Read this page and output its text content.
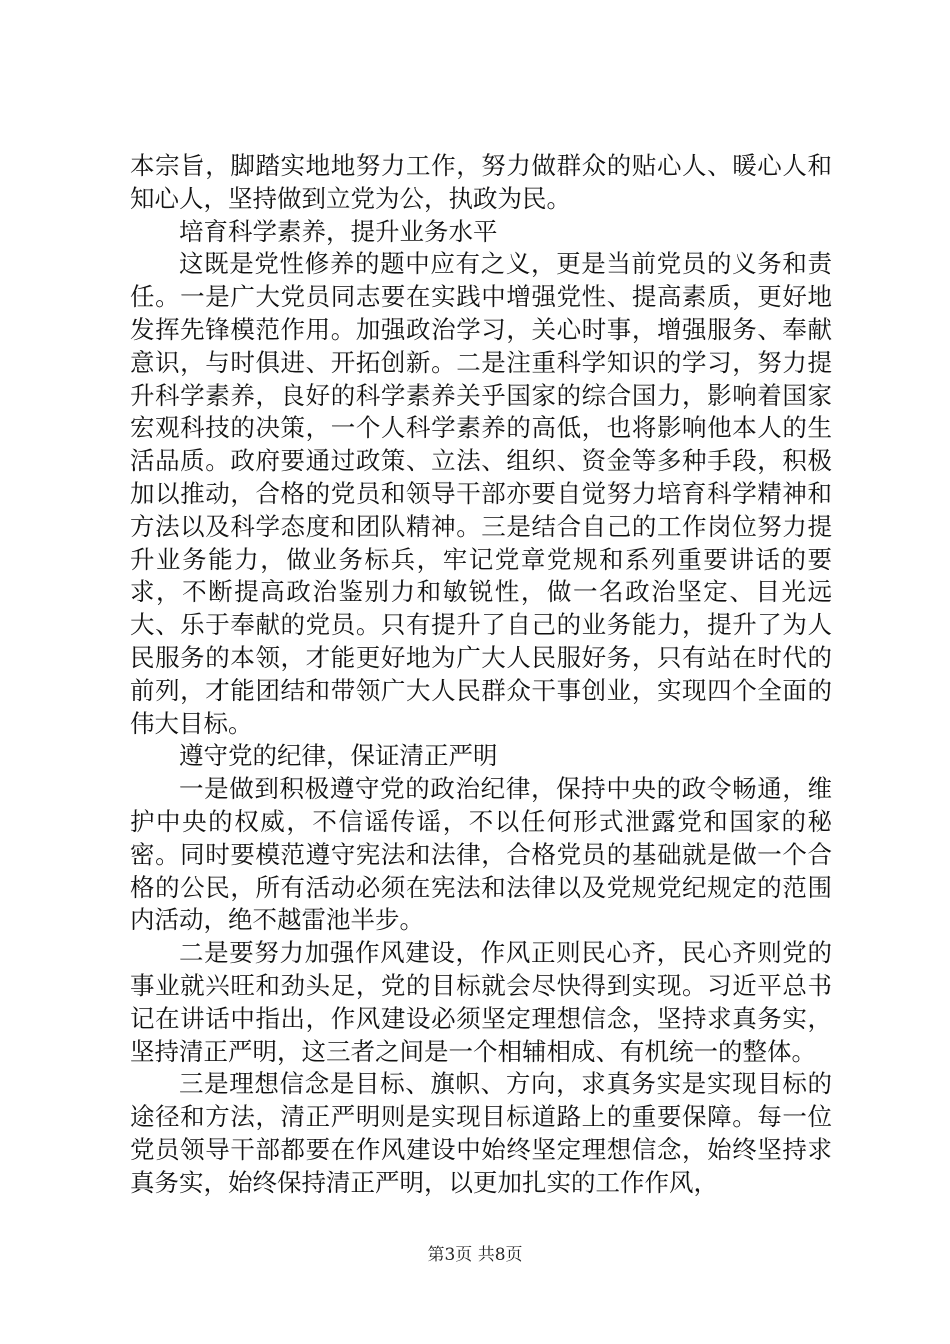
本宗旨，脚踏实地地努力工作，努力做群众的贴心人、暖心人和知心人，坚持做到立党为公，执政为民。

培育科学素养，提升业务水平

这既是党性修养的题中应有之义，更是当前党员的义务和责任。一是广大党员同志要在实践中增强党性、提高素质，更好地发挥先锋模范作用。加强政治学习，关心时事，增强服务、奉献意识，与时俱进、开拓创新。二是注重科学知识的学习，努力提升科学素养，良好的科学素养关乎国家的综合国力，影响着国家宏观科技的决策，一个人科学素养的高低，也将影响他本人的生活品质。政府要通过政策、立法、组织、资金等多种手段，积极加以推动，合格的党员和领导干部亦要自觉努力培育科学精神和方法以及科学态度和团队精神。三是结合自己的工作岗位努力提升业务能力，做业务标兵，牢记党章党规和系列重要讲话的要求，不断提高政治鉴别力和敏锐性，做一名政治坚定、目光远大、乐于奉献的党员。只有提升了自己的业务能力，提升了为人民服务的本领，才能更好地为广大人民服好务，只有站在时代的前列，才能团结和带领广大人民群众干事创业，实现四个全面的伟大目标。

遵守党的纪律，保证清正严明

一是做到积极遵守党的政治纪律，保持中央的政令畅通，维护中央的权威，不信谣传谣，不以任何形式泄露党和国家的秘密。同时要模范遵守宪法和法律，合格党员的基础就是做一个合格的公民，所有活动必须在宪法和法律以及党规党纪规定的范围内活动，绝不越雷池半步。

二是要努力加强作风建设，作风正则民心齐，民心齐则党的事业就兴旺和劲头足，党的目标就会尽快得到实现。习近平总书记在讲话中指出，作风建设必须坚定理想信念，坚持求真务实，坚持清正严明，这三者之间是一个相辅相成、有机统一的整体。

三是理想信念是目标、旗帜、方向，求真务实是实现目标的途径和方法，清正严明则是实现目标道路上的重要保障。每一位党员领导干部都要在作风建设中始终坚定理想信念，始终坚持求真务实，始终保持清正严明，以更加扎实的工作作风，

第3页 共8页
